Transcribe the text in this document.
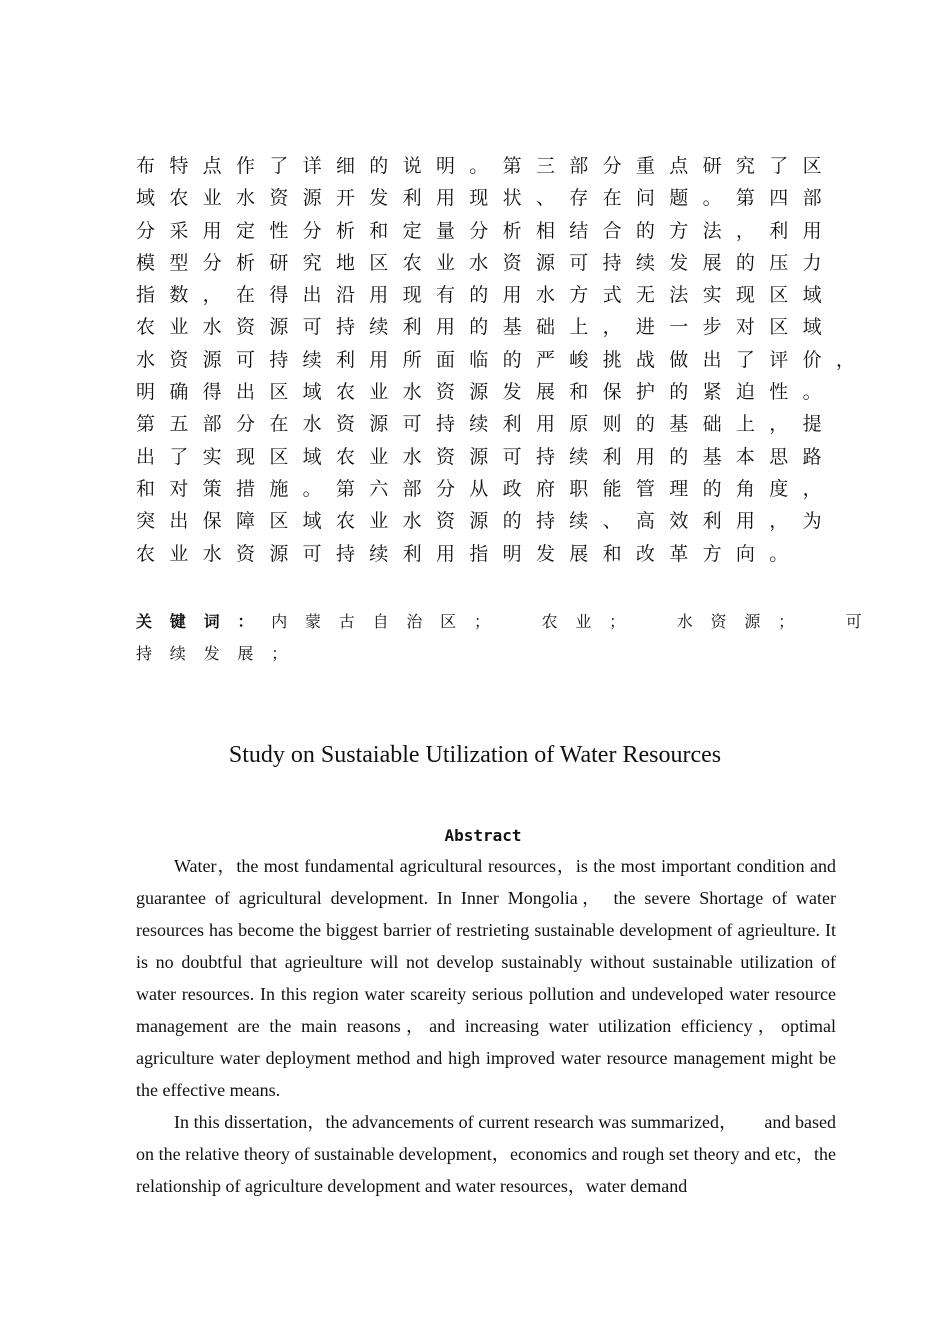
布 特 点 作 了 详 细 的 说 明 。 第 三 部 分 重 点 研 究 了 区
域 农 业 水 资 源 开 发 利 用 现 状 、 存 在 问 题 。 第 四 部
分 采 用 定 性 分 析 和 定 量 分 析 相 结 合 的 方 法 ， 利 用
模 型 分 析 研 究 地 区 农 业 水 资 源 可 持 续 发 展 的 压 力
指 数 ， 在 得 出 沿 用 现 有 的 用 水 方 式 无 法 实 现 区 域
农 业 水 资 源 可 持 续 利 用 的 基 础 上 ， 进 一 步 对 区 域
水 资 源 可 持 续 利 用 所 面 临 的 严 峻 挑 战 做 出 了 评 价 ，
明 确 得 出 区 域 农 业 水 资 源 发 展 和 保 护 的 紧 迫 性 。
第 五 部 分 在 水 资 源 可 持 续 利 用 原 则 的 基 础 上 ， 提
出 了 实 现 区 域 农 业 水 资 源 可 持 续 利 用 的 基 本 思 路
和 对 策 措 施 。 第 六 部 分 从 政 府 职 能 管 理 的 角 度 ，
突 出 保 障 区 域 农 业 水 资 源 的 持 续 、 高 效 利 用 ， 为
农 业 水 资 源 可 持 续 利 用 指 明 发 展 和 改 革 方 向 。
关 键 词 ： 内 蒙 古 自 治 区 ；　	农 业 ；　	水 资 源 ；　	可
持 续 发 展 ；
Study on Sustaiable Utilization of Water Resources
Abstract

Water，the most fundamental agricultural resources，is the most important condition and guarantee of agricultural development. In Inner Mongolia， the severe Shortage of water resources has become the biggest barrier of restrieting sustainable development of agrieulture. It is no doubtful that agrieulture will not develop sustainably without sustainable utilization of water resources. In this region water scareity serious pollution and undeveloped water resource management are the main reasons，and increasing water utilization efficiency，optimal agriculture water deployment method and high improved water resource management might be the effective means.

In this dissertation，the advancements of current research was summarized，　　and based on the relative theory of sustainable development，economics and rough set theory and etc，the relationship of agriculture development and water resources，water demand
